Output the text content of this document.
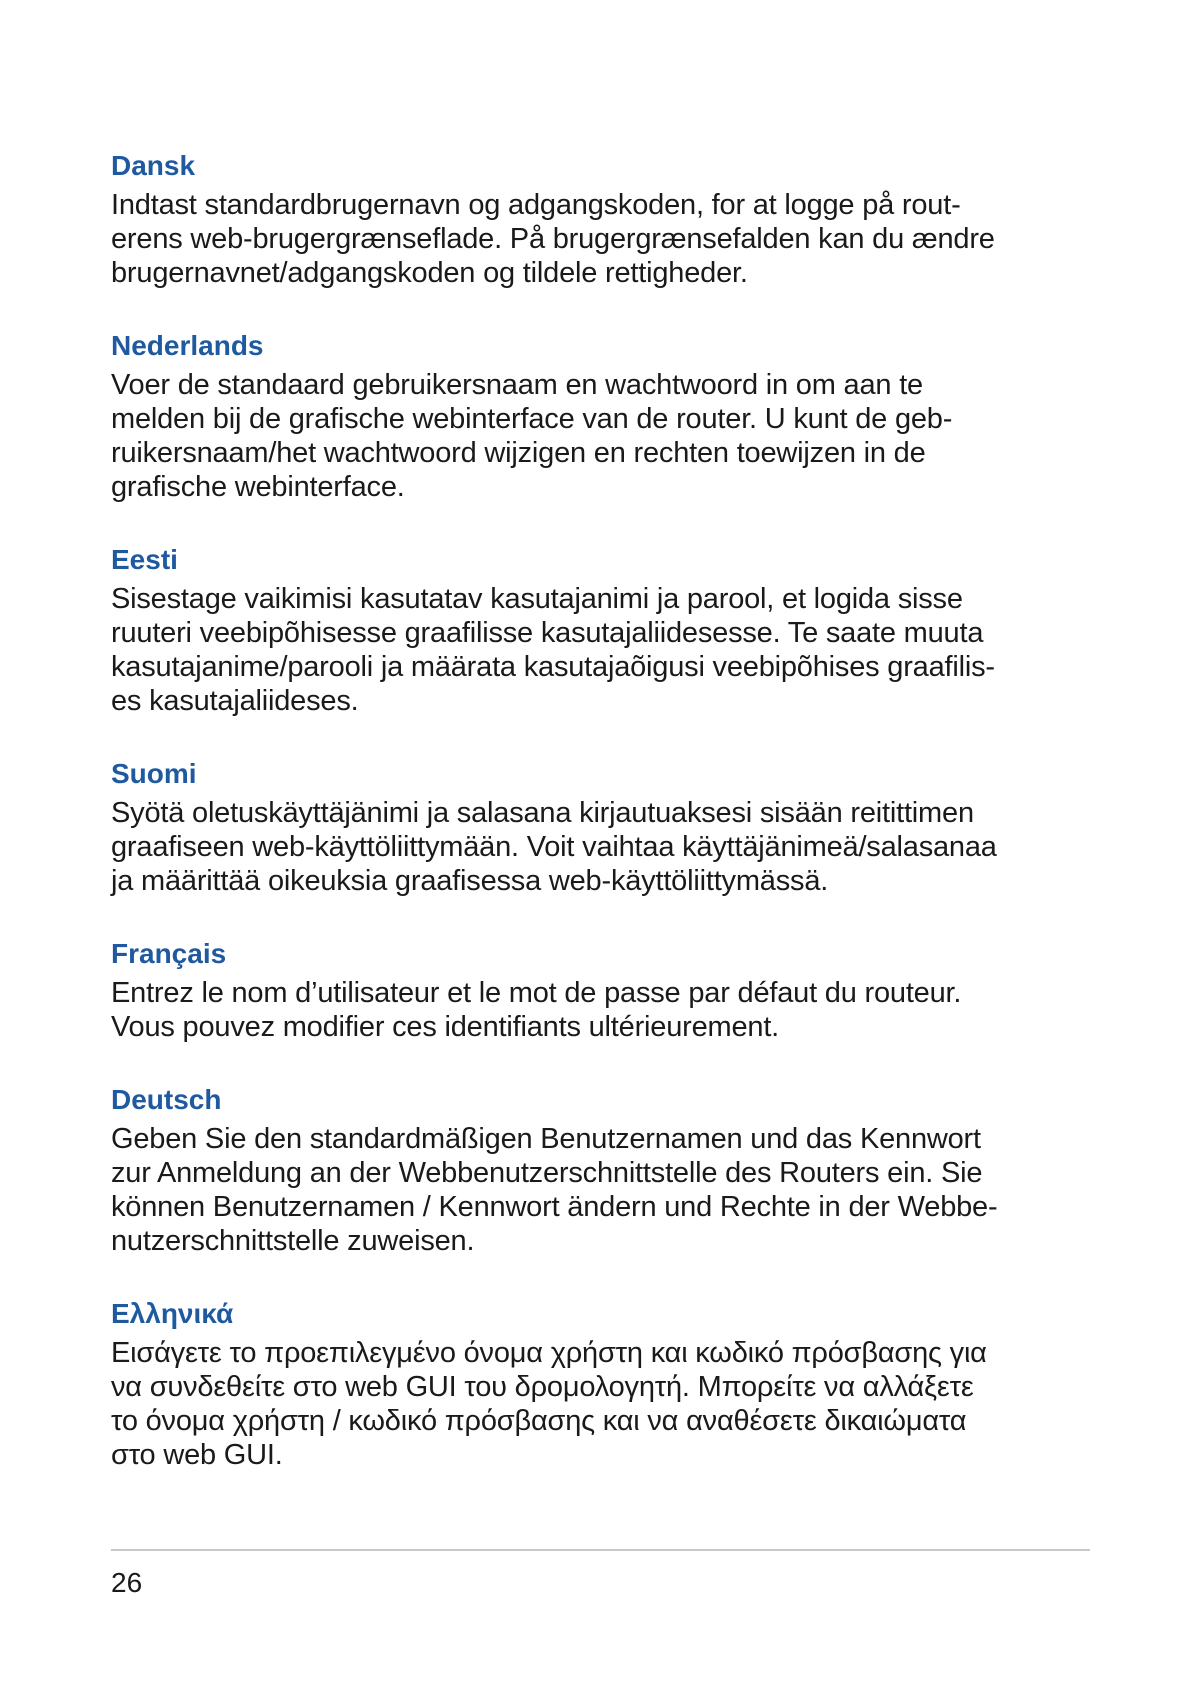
Dansk

Indtast standardbrugernavn og adgangskoden, for at logge på rout-
erens web-brugergrænseflade. På brugergrænsefalden kan du ændre
brugernavnet/adgangskoden og tildele rettigheder.

Nederlands

Voer de standaard gebruikersnaam en wachtwoord in om aan te
melden bij de grafische webinterface van de router. U kunt de geb-
ruikersnaam/het wachtwoord wijzigen en rechten toewijzen in de
grafische webinterface.

Eesti

Sisestage vaikimisi kasutatav kasutajanimi ja parool, et logida sisse
ruuteri veebipõhisesse graafilisse kasutajaliidesesse. Te saate muuta
kasutajanime/parooli ja määrata kasutajaõigusi veebipõhises graafilis-
es kasutajaliideses.

Suomi

Syötä oletuskäyttäjänimi ja salasana kirjautuaksesi sisään reitittimen
graafiseen web-käyttöliittymään. Voit vaihtaa käyttäjänimeä/salasanaa
ja määrittää oikeuksia graafisessa web-käyttöliittymässä.

Français

Entrez le nom d’utilisateur et le mot de passe par défaut du routeur.
Vous pouvez modifier ces identifiants ultérieurement.

Deutsch

Geben Sie den standardmäßigen Benutzernamen und das Kennwort
zur Anmeldung an der Webbenutzerschnittstelle des Routers ein. Sie
können Benutzernamen / Kennwort ändern und Rechte in der Webbe-
nutzerschnittstelle zuweisen.

Ελληνικά

Εισάγετε το προεπιλεγμένο όνομα χρήστη και κωδικό πρόσβασης για
να συνδεθείτε στο web GUI του δρομολογητή. Μπορείτε να αλλάξετε
το όνομα χρήστη / κωδικό πρόσβασης και να αναθέσετε δικαιώματα
στο web GUI.

26
